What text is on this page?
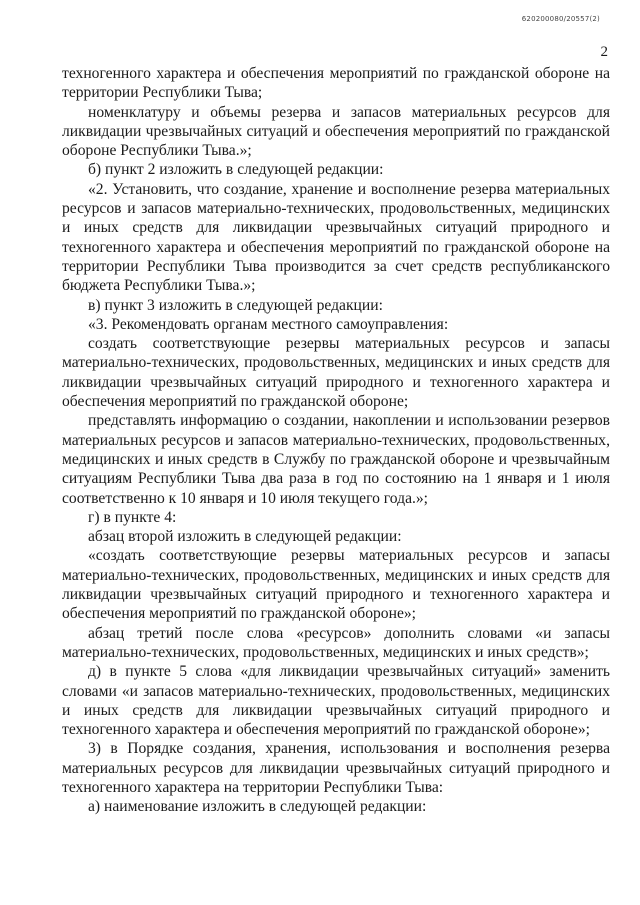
620200080/20557(2)
2

техногенного характера и обеспечения мероприятий по гражданской обороне на территории Республики Тыва;

номенклатуру и объемы резерва и запасов материальных ресурсов для ликвидации чрезвычайных ситуаций и обеспечения мероприятий по гражданской обороне Республики Тыва.»;

б) пункт 2 изложить в следующей редакции:

«2. Установить, что создание, хранение и восполнение резерва материальных ресурсов и запасов материально-технических, продовольственных, медицинских и иных средств для ликвидации чрезвычайных ситуаций природного и техногенного характера и обеспечения мероприятий по гражданской обороне на территории Республики Тыва производится за счет средств республиканского бюджета Республики Тыва.»;

в) пункт 3 изложить в следующей редакции:

«3. Рекомендовать органам местного самоуправления:

создать соответствующие резервы материальных ресурсов и запасы материально-технических, продовольственных, медицинских и иных средств для ликвидации чрезвычайных ситуаций природного и техногенного характера и обеспечения мероприятий по гражданской обороне;

представлять информацию о создании, накоплении и использовании резервов материальных ресурсов и запасов материально-технических, продовольственных, медицинских и иных средств в Службу по гражданской обороне и чрезвычайным ситуациям Республики Тыва два раза в год по состоянию на 1 января и 1 июля соответственно к 10 января и 10 июля текущего года.»;

г) в пункте 4:

абзац второй изложить в следующей редакции:

«создать соответствующие резервы материальных ресурсов и запасы материально-технических, продовольственных, медицинских и иных средств для ликвидации чрезвычайных ситуаций природного и техногенного характера и обеспечения мероприятий по гражданской обороне»;

абзац третий после слова «ресурсов» дополнить словами «и запасы материально-технических, продовольственных, медицинских и иных средств»;

д) в пункте 5 слова «для ликвидации чрезвычайных ситуаций» заменить словами «и запасов материально-технических, продовольственных, медицинских и иных средств для ликвидации чрезвычайных ситуаций природного и техногенного характера и обеспечения мероприятий по гражданской обороне»;

3) в Порядке создания, хранения, использования и восполнения резерва материальных ресурсов для ликвидации чрезвычайных ситуаций природного и техногенного характера на территории Республики Тыва:

а) наименование изложить в следующей редакции:
